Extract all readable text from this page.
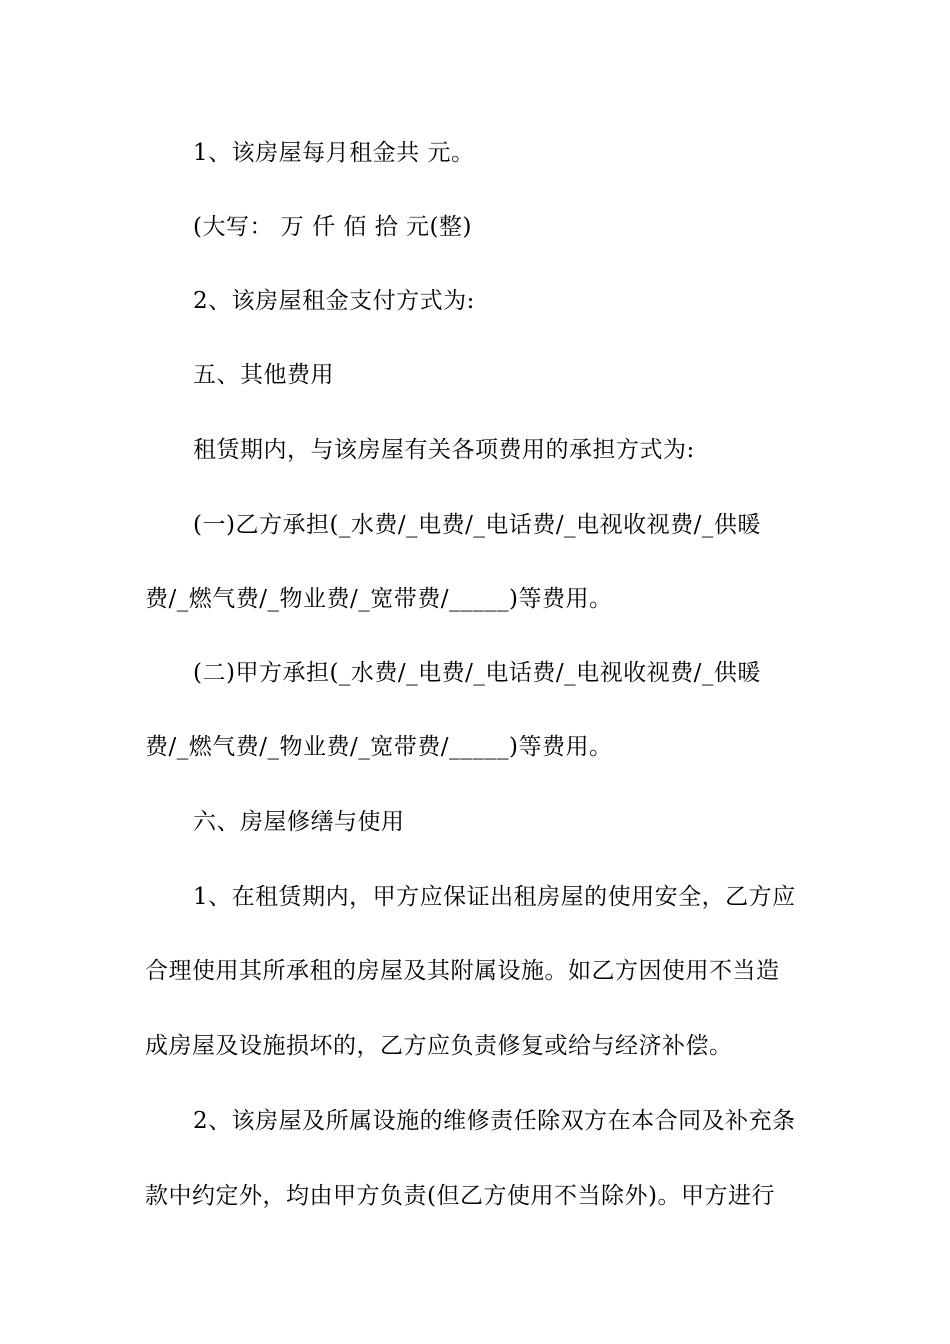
1、该房屋每月租金共 元。
(大写： 万 仟 佰 拾 元(整)
2、该房屋租金支付方式为:
五、其他费用
租赁期内，与该房屋有关各项费用的承担方式为:
(一)乙方承担(_水费/_电费/_电话费/_电视收视费/_供暖
费/_燃气费/_物业费/_宽带费/_____)等费用。
(二)甲方承担(_水费/_电费/_电话费/_电视收视费/_供暖
费/_燃气费/_物业费/_宽带费/_____)等费用。
六、房屋修缮与使用
1、在租赁期内，甲方应保证出租房屋的使用安全，乙方应
合理使用其所承租的房屋及其附属设施。如乙方因使用不当造
成房屋及设施损坏的，乙方应负责修复或给与经济补偿。
2、该房屋及所属设施的维修责任除双方在本合同及补充条
款中约定外，均由甲方负责(但乙方使用不当除外)。甲方进行
